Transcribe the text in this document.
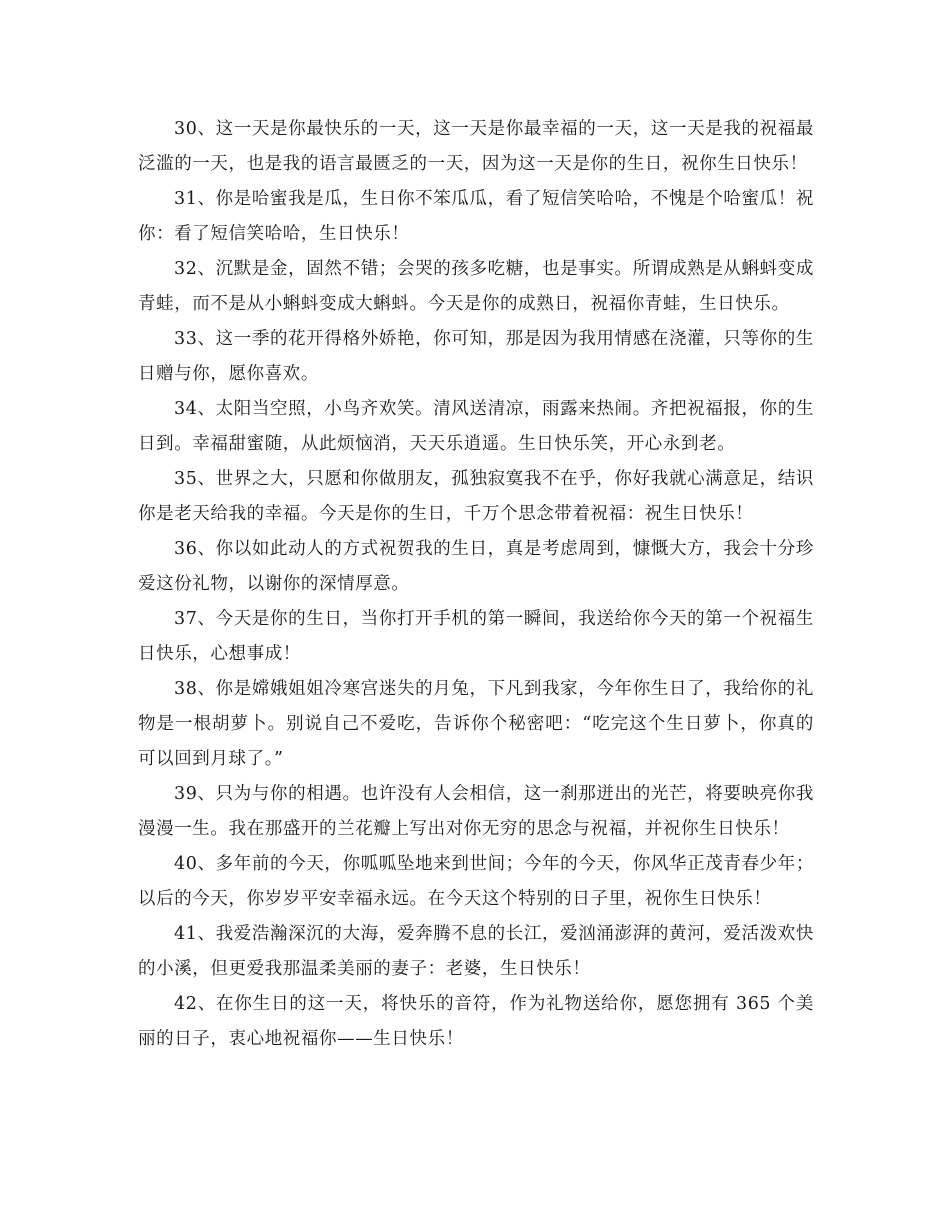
30、这一天是你最快乐的一天，这一天是你最幸福的一天，这一天是我的祝福最泛滥的一天，也是我的语言最匮乏的一天，因为这一天是你的生日，祝你生日快乐！

31、你是哈蜜我是瓜，生日你不笨瓜瓜，看了短信笑哈哈，不愧是个哈蜜瓜！祝你：看了短信笑哈哈，生日快乐！

32、沉默是金，固然不错；会哭的孩多吃糖，也是事实。所谓成熟是从蝌蚪变成青蛙，而不是从小蝌蚪变成大蝌蚪。今天是你的成熟日，祝福你青蛙，生日快乐。

33、这一季的花开得格外娇艳，你可知，那是因为我用情感在浇灌，只等你的生日赠与你，愿你喜欢。

34、太阳当空照，小鸟齐欢笑。清风送清凉，雨露来热闹。齐把祝福报，你的生日到。幸福甜蜜随，从此烦恼消，天天乐逍遥。生日快乐笑，开心永到老。

35、世界之大，只愿和你做朋友，孤独寂寞我不在乎，你好我就心满意足，结识你是老天给我的幸福。今天是你的生日，千万个思念带着祝福：祝生日快乐！

36、你以如此动人的方式祝贺我的生日，真是考虑周到，慷慨大方，我会十分珍爱这份礼物，以谢你的深情厚意。

37、今天是你的生日，当你打开手机的第一瞬间，我送给你今天的第一个祝福生日快乐，心想事成！

38、你是嫦娥姐姐冷寒宫迷失的月兔，下凡到我家，今年你生日了，我给你的礼物是一根胡萝卜。别说自己不爱吃，告诉你个秘密吧：“吃完这个生日萝卜，你真的可以回到月球了。”

39、只为与你的相遇。也许没有人会相信，这一刹那迸出的光芒，将要映亮你我漫漫一生。我在那盛开的兰花瓣上写出对你无穷的思念与祝福，并祝你生日快乐！

40、多年前的今天，你呱呱坠地来到世间；今年的今天，你风华正茂青春少年；以后的今天，你岁岁平安幸福永远。在今天这个特别的日子里，祝你生日快乐！

41、我爱浩瀚深沉的大海，爱奔腾不息的长江，爱汹涌澎湃的黄河，爱活泼欢快的小溪，但更爱我那温柔美丽的妻子：老婆，生日快乐！

42、在你生日的这一天，将快乐的音符，作为礼物送给你，愿您拥有 365 个美丽的日子，衷心地祝福你——生日快乐！
